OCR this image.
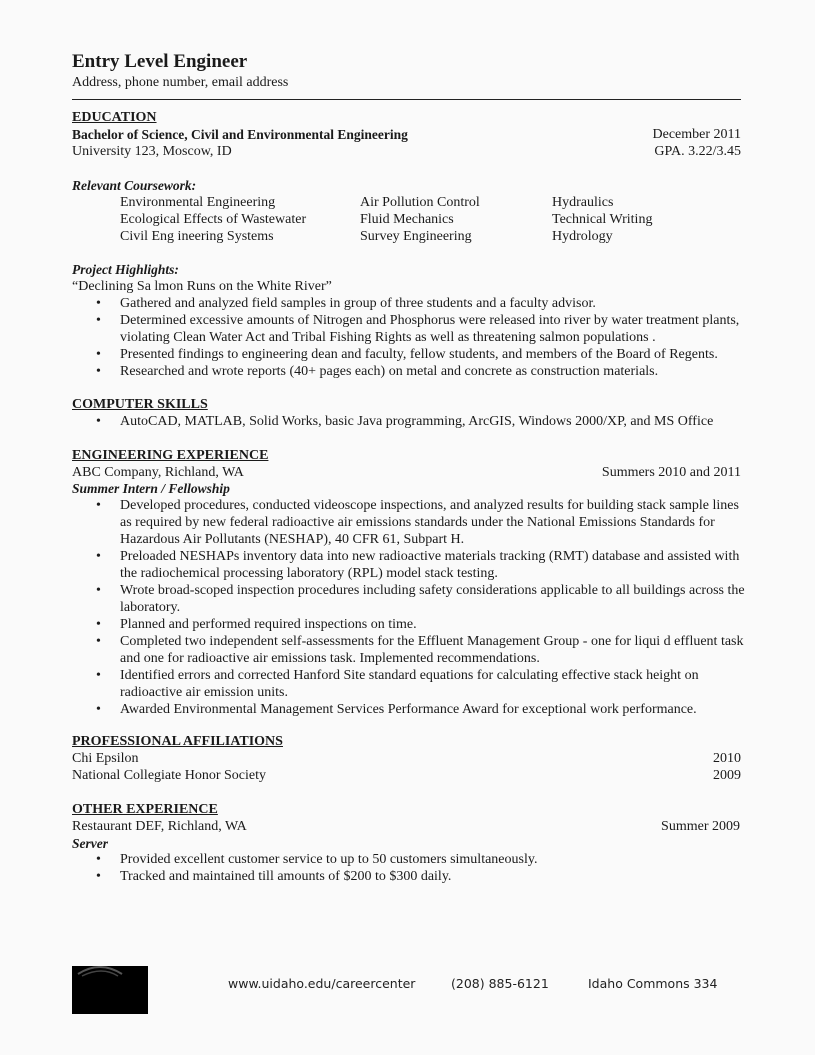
Entry Level Engineer
Address, phone number, email address
EDUCATION
Bachelor of Science, Civil and Environmental Engineering	December 2011
University 123, Moscow, ID	GPA. 3.22/3.45
Relevant Coursework:
Environmental Engineering	Air Pollution Control	Hydraulics
Ecological Effects of Wastewater	Fluid Mechanics	Technical Writing
Civil Eng ineering Systems	Survey Engineering	Hydrology
Project Highlights:
“Declining Sa lmon Runs on the White River”
• Gathered and analyzed field samples in group of three students and a faculty advisor.
• Determined excessive amounts of Nitrogen and Phosphorus were released into river by water treatment plants, violating Clean Water Act and Tribal Fishing Rights as well as threatening salmon populations .
• Presented findings to engineering dean and faculty, fellow students, and members of the Board of Regents.
• Researched and wrote reports (40+ pages each) on metal and concrete as construction materials.
COMPUTER SKILLS
• AutoCAD, MATLAB, Solid Works, basic Java programming, ArcGIS, Windows 2000/XP, and MS Office
ENGINEERING EXPERIENCE
ABC Company, Richland, WA	Summers 2010 and 2011
Summer Intern / Fellowship
• Developed procedures, conducted videoscope inspections, and analyzed results for building stack sample lines as required by new federal radioactive air emissions standards under the National Emissions Standards for Hazardous Air Pollutants (NESHAP), 40 CFR 61, Subpart H.
• Preloaded NESHAPs inventory data into new radioactive materials tracking (RMT) database and assisted with the radiochemical processing laboratory (RPL) model stack testing.
• Wrote broad-scoped inspection procedures including safety considerations applicable to all buildings across the laboratory.
• Planned and performed required inspections on time.
• Completed two independent self-assessments for the Effluent Management Group - one for liqui d effluent task and one for radioactive air emissions task. Implemented recommendations.
• Identified errors and corrected Hanford Site standard equations for calculating effective stack height on radioactive air emission units.
• Awarded Environmental Management Services Performance Award for exceptional work performance.
PROFESSIONAL AFFILIATIONS
Chi Epsilon	2010
National Collegiate Honor Society	2009
OTHER EXPERIENCE
Restaurant DEF, Richland, WA	Summer 2009
Server
• Provided excellent customer service to up to 50 customers simultaneously.
• Tracked and maintained till amounts of $200 to $300 daily.
www.uidaho.edu/careercenter	(208) 885-6121	Idaho Commons 334
